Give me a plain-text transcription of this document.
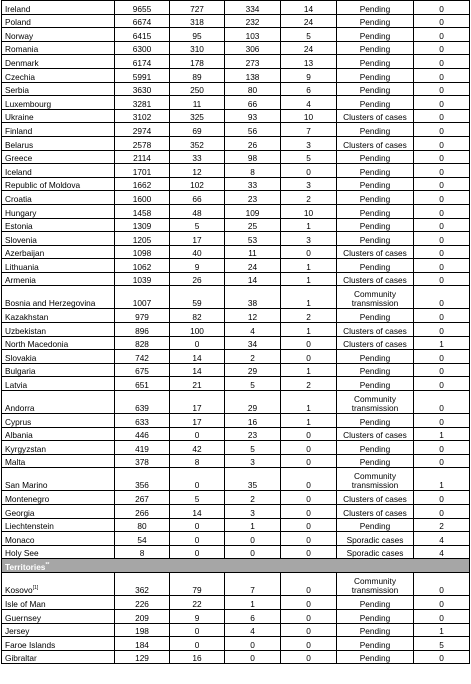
Ireland	9655	727	334	14	Pending	0
Poland	6674	318	232	24	Pending	0
Norway	6415	95	103	5	Pending	0
Romania	6300	310	306	24	Pending	0
Denmark	6174	178	273	13	Pending	0
Czechia	5991	89	138	9	Pending	0
Serbia	3630	250	80	6	Pending	0
Luxembourg	3281	11	66	4	Pending	0
Ukraine	3102	325	93	10	Clusters of cases	0
Finland	2974	69	56	7	Pending	0
Belarus	2578	352	26	3	Clusters of cases	0
Greece	2114	33	98	5	Pending	0
Iceland	1701	12	8	0	Pending	0
Republic of Moldova	1662	102	33	3	Pending	0
Croatia	1600	66	23	2	Pending	0
Hungary	1458	48	109	10	Pending	0
Estonia	1309	5	25	1	Pending	0
Slovenia	1205	17	53	3	Pending	0
Azerbaijan	1098	40	11	0	Clusters of cases	0
Lithuania	1062	9	24	1	Pending	0
Armenia	1039	26	14	1	Clusters of cases	0
Bosnia and Herzegovina	1007	59	38	1	Community transmission	0
Kazakhstan	979	82	12	2	Pending	0
Uzbekistan	896	100	4	1	Clusters of cases	0
North Macedonia	828	0	34	0	Clusters of cases	1
Slovakia	742	14	2	0	Pending	0
Bulgaria	675	14	29	1	Pending	0
Latvia	651	21	5	2	Pending	0
Andorra	639	17	29	1	Community transmission	0
Cyprus	633	17	16	1	Pending	0
Albania	446	0	23	0	Clusters of cases	1
Kyrgyzstan	419	42	5	0	Pending	0
Malta	378	8	3	0	Pending	0
San Marino	356	0	35	0	Community transmission	1
Montenegro	267	5	2	0	Clusters of cases	0
Georgia	266	14	3	0	Clusters of cases	0
Liechtenstein	80	0	1	0	Pending	2
Monaco	54	0	0	0	Sporadic cases	4
Holy See	8	0	0	0	Sporadic cases	4
Territories**
Kosovo[1]	362	79	7	0	Community transmission	0
Isle of Man	226	22	1	0	Pending	0
Guernsey	209	9	6	0	Pending	0
Jersey	198	0	4	0	Pending	1
Faroe Islands	184	0	0	0	Pending	5
Gibraltar	129	16	0	0	Pending	0
